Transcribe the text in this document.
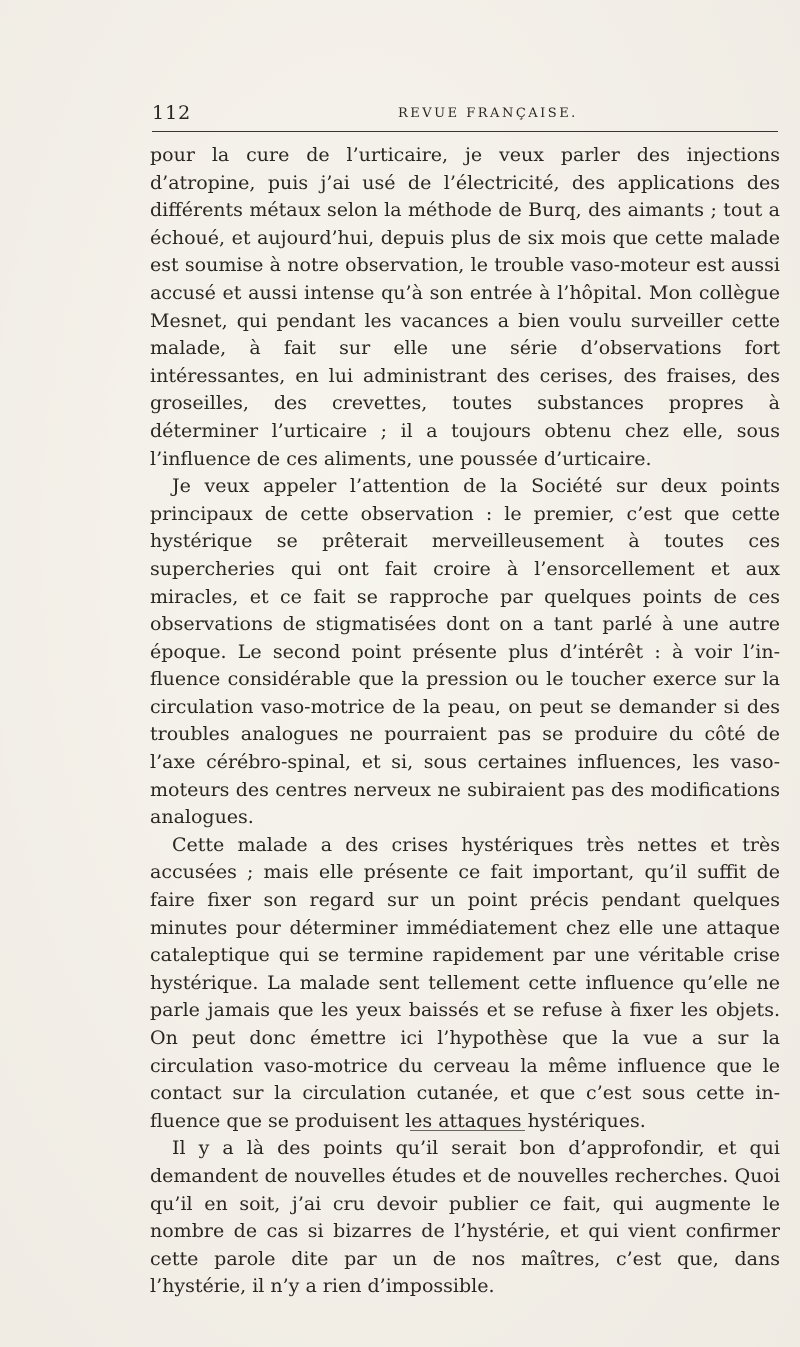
112	REVUE FRANÇAISE.

pour la cure de l’urticaire, je veux parler des injections d’atropine, puis j’ai usé de l’électricité, des applications des différents métaux selon la méthode de Burq, des aimants ; tout a échoué, et aujourd’hui, depuis plus de six mois que cette malade est soumise à notre observation, le trouble vaso-moteur est aussi accusé et aussi intense qu’à son entrée à l’hôpital. Mon collègue Mesnet, qui pendant les vacances a bien voulu surveiller cette malade, à fait sur elle une série d’observations fort intéressantes, en lui administrant des cerises, des fraises, des groseilles, des crevettes, toutes substances propres à déterminer l’urticaire ; il a toujours obtenu chez elle, sous l’influence de ces aliments, une poussée d’urticaire.

Je veux appeler l’attention de la Société sur deux points principaux de cette observation : le premier, c’est que cette hystérique se prêterait merveilleusement à toutes ces supercheries qui ont fait croire à l’ensorcellement et aux miracles, et ce fait se rapproche par quelques points de ces observations de stigmatisées dont on a tant parlé à une autre époque. Le second point présente plus d’intérêt : à voir l’influence considérable que la pression ou le toucher exerce sur la circulation vaso-motrice de la peau, on peut se demander si des troubles analogues ne pourraient pas se produire du côté de l’axe cérébro-spinal, et si, sous certaines influences, les vaso-moteurs des centres nerveux ne subiraient pas des modifications analogues.

Cette malade a des crises hystériques très nettes et très accusées ; mais elle présente ce fait important, qu’il suffit de faire fixer son regard sur un point précis pendant quelques minutes pour déterminer immédiatement chez elle une attaque cataleptique qui se termine rapidement par une véritable crise hystérique. La malade sent tellement cette influence qu’elle ne parle jamais que les yeux baissés et se refuse à fixer les objets. On peut donc émettre ici l’hypothèse que la vue a sur la circulation vaso-motrice du cerveau la même influence que le contact sur la circulation cutanée, et que c’est sous cette influence que se produisent les attaques hystériques.

Il y a là des points qu’il serait bon d’approfondir, et qui demandent de nouvelles études et de nouvelles recherches. Quoi qu’il en soit, j’ai cru devoir publier ce fait, qui augmente le nombre de cas si bizarres de l’hystérie, et qui vient confirmer cette parole dite par un de nos maîtres, c’est que, dans l’hystérie, il n’y a rien d’impossible.
